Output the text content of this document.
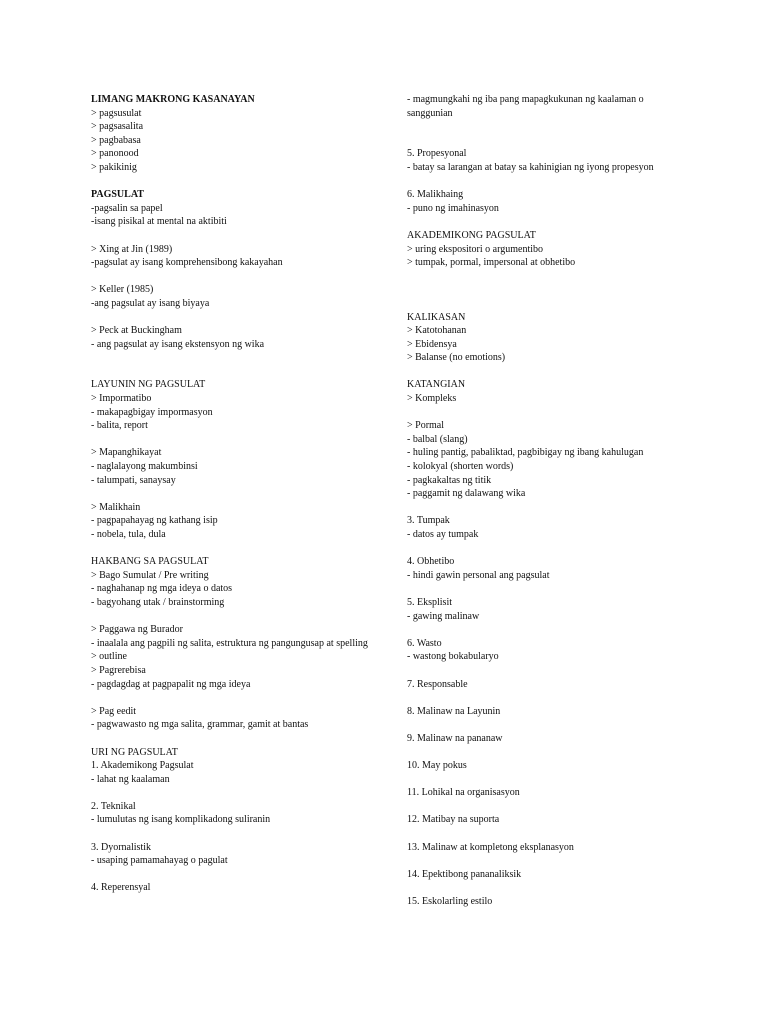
LIMANG MAKRONG KASANAYAN
> pagsusulat
> pagsasalita
> pagbabasa
> panonood
> pakikinig
PAGSULAT
-pagsalin sa papel
-isang pisikal at mental na aktibiti
> Xing at Jin (1989)
-pagsulat ay isang komprehensibong kakayahan
> Keller (1985)
-ang pagsulat ay isang biyaya
> Peck at Buckingham
- ang pagsulat ay isang ekstensyon ng wika
LAYUNIN NG PAGSULAT
> Impormatibo
- makapagbigay impormasyon
- balita, report
> Mapanghikayat
- naglalayong makumbinsi
- talumpati, sanaysay
> Malikhain
- pagpapahayag ng kathang isip
- nobela, tula, dula
HAKBANG SA PAGSULAT
> Bago Sumulat / Pre writing
- naghahanap ng mga ideya o datos
- bagyohang utak / brainstorming
> Paggawa ng Burador
- inaalala ang pagpili ng salita, estruktura ng pangungusap at spelling
> outline
> Pagrerebisa
- pagdagdag at pagpapalit ng mga ideya
> Pag eedit
- pagwawasto ng mga salita, grammar, gamit at bantas
URI NG PAGSULAT
1. Akademikong Pagsulat
- lahat ng kaalaman
2. Teknikal
- lumulutas ng isang komplikadong suliranin
3. Dyornalistik
- usaping pamamahayag o pagulat
4. Reperensyal
- magmungkahi ng iba pang mapagkukunan ng kaalaman o sanggunian
5. Propesyonal
- batay sa larangan at batay sa kahinigian ng iyong propesyon
6. Malikhaing
- puno ng imahinasyon
AKADEMIKONG PAGSULAT
> uring ekspositori o argumentibo
> tumpak, pormal, impersonal at obhetibo
KALIKASAN
> Katotohanan
> Ebidensya
> Balanse (no emotions)
KATANGIAN
> Kompleks
> Pormal
- balbal (slang)
- huling pantig, pabaliktad, pagbibigay ng ibang kahulugan
- kolokyal (shorten words)
- pagkakaltas ng titik
- paggamit ng dalawang wika
3. Tumpak
- datos ay tumpak
4. Obhetibo
- hindi gawin personal ang pagsulat
5. Eksplisit
- gawing malinaw
6. Wasto
- wastong bokabularyo
7. Responsable
8. Malinaw na Layunin
9. Malinaw na pananaw
10. May pokus
11. Lohikal na organisasyon
12. Matibay na suporta
13. Malinaw at kompletong eksplanasyon
14. Epektibong pananaliksik
15. Eskolarling estilo
